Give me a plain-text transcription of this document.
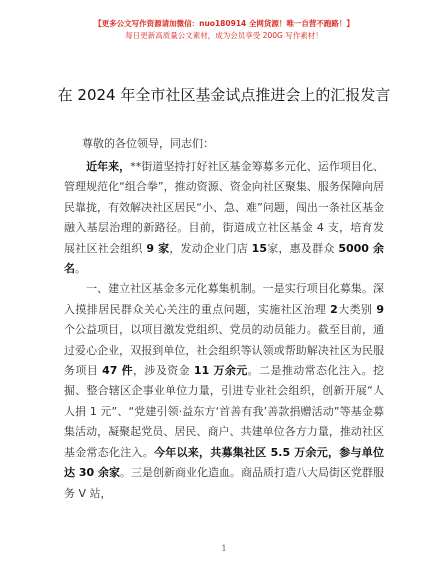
【更多公文写作资源请加微信：nuo180914 全网货源！唯一自营不跑路！】
每日更新高质量公文素材，成为会员享受 200G 写作素材！
在 2024 年全市社区基金试点推进会上的汇报发言
尊敬的各位领导，同志们：

　　近年来，**街道坚持打好社区基金筹募多元化、运作项目化、管理规范化“组合拳”，推动资源、资金向社区聚集、服务保障向居民靠拢，有效解决社区居民“小、急、难”问题，闯出一条社区基金融入基层治理的新路径。目前，街道成立社区基金 4 支，培育发展社区社会组织 9 家，发动企业门店 15家，惠及群众 5000 余名。

　　一、建立社区基金多元化募集机制。一是实行项目化募集。深入摸排居民群众关心关注的重点问题，实施社区治理 2大类别 9 个公益项目，以项目激发党组织、党员的动员能力。截至目前，通过爱心企业，双报到单位，社会组织等认领或帮助解决社区为民服务项目 47 件，涉及资金 11 万余元。二是推动常态化注入。挖掘、整合辖区企事业单位力量，引进专业社会组织，创新开展“人人捐 1 元”、“党建引领·益东方‘首善有我’善款捐赠活动”等基金募集活动，凝聚起党员、居民、商户、共建单位各方力量，推动社区基金常态化注入。今年以来，共募集社区 5.5 万余元，参与单位达 30 余家。三是创新商业化造血。商品质打造八大局街区党群服务 V 站，

1
